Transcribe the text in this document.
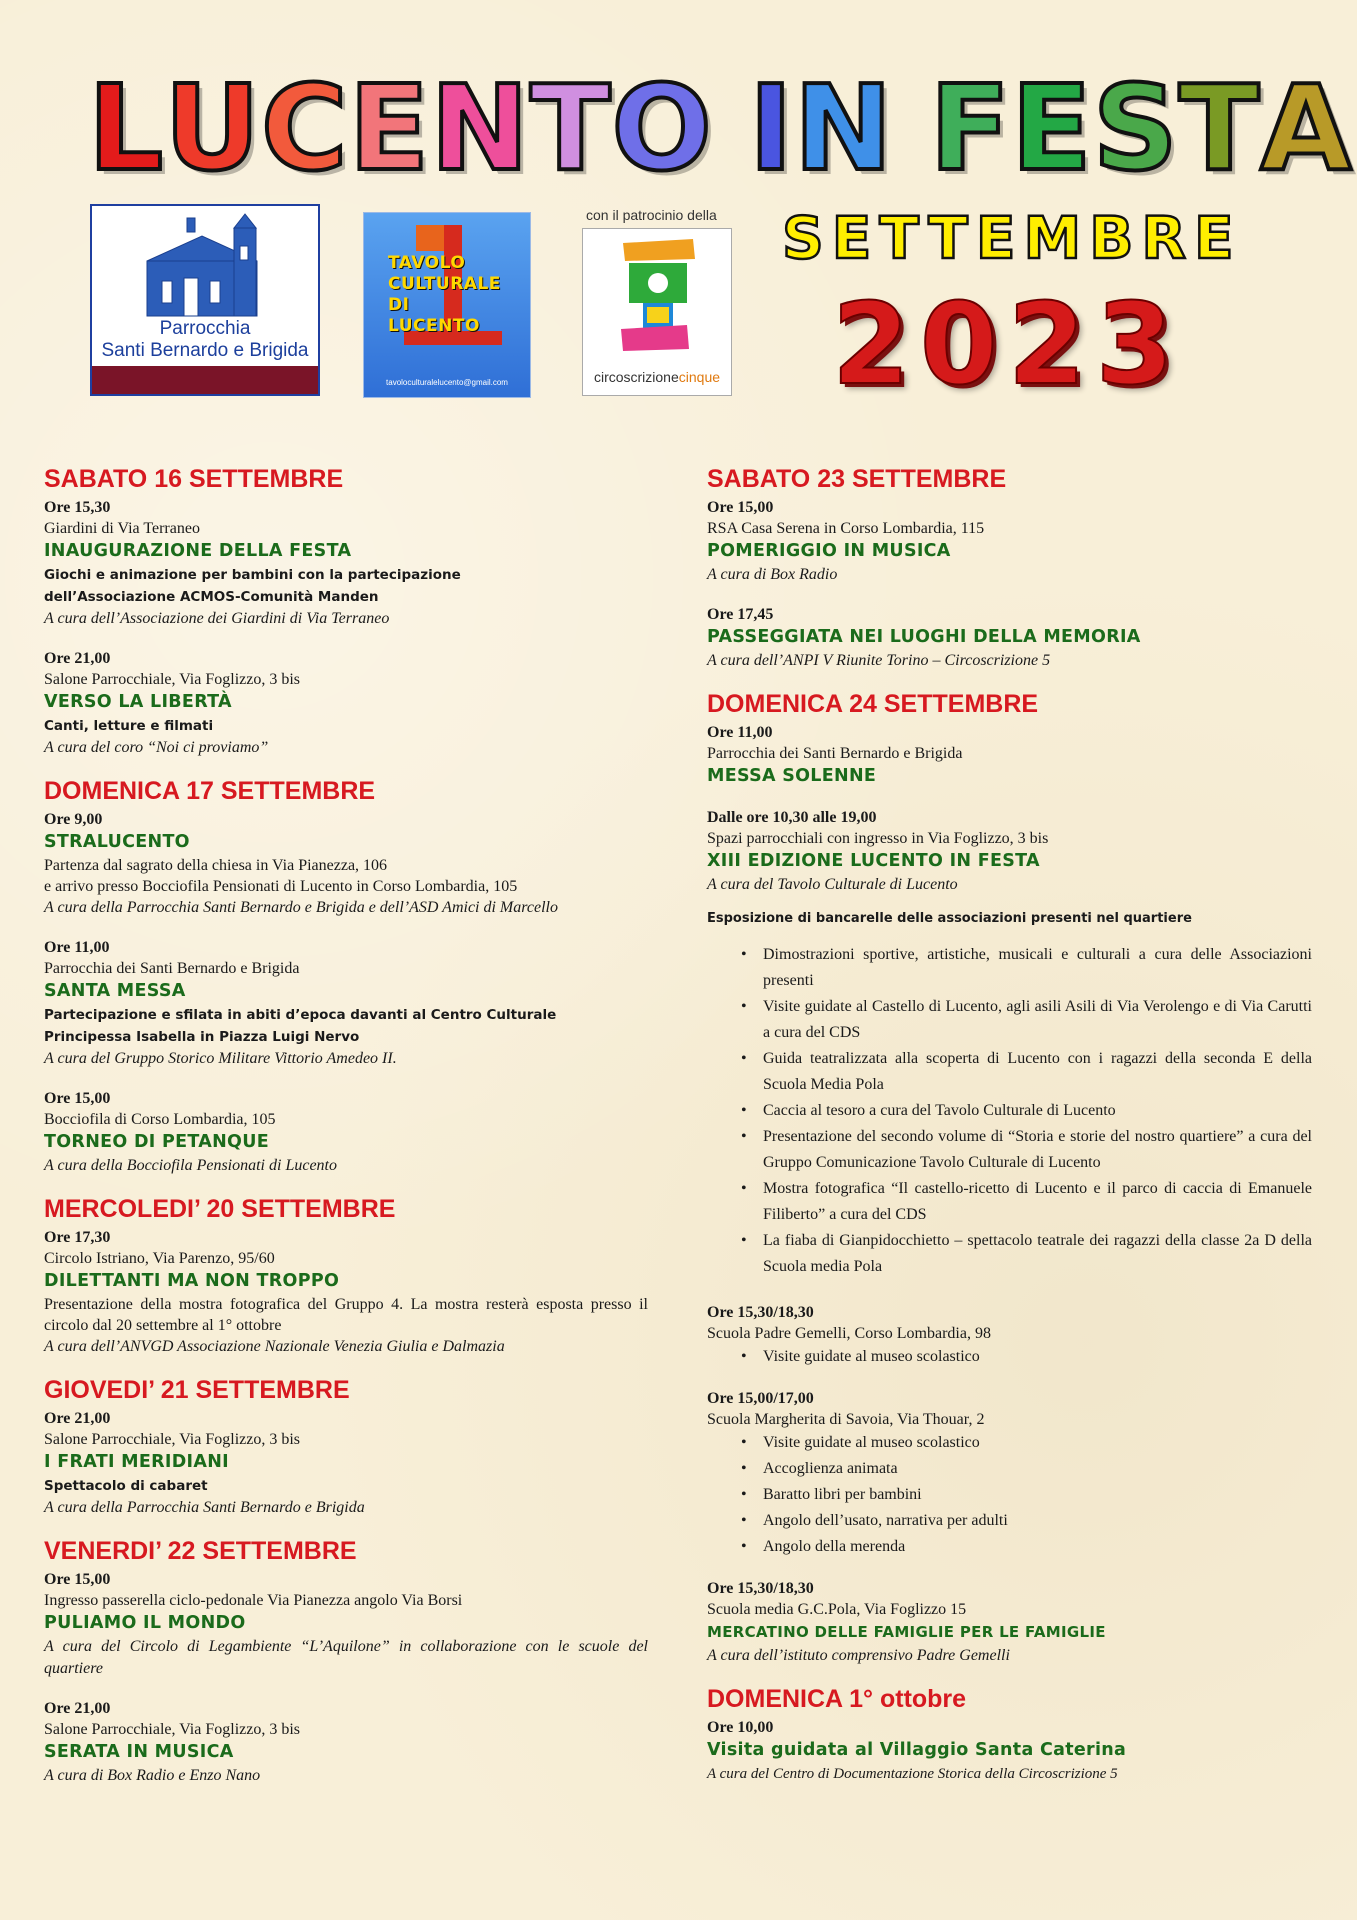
LUCENTO IN FESTA
Parrocchia
Santi Bernardo e Brigida
TAVOLO
CULTURALE
DI
LUCENTO
tavoloculturalelucento@gmail.com
con il patrocinio della
circoscrizionecinque
SETTEMBRE
2023
SABATO 16 SETTEMBRE
Ore 15,30
Giardini di Via Terraneo
INAUGURAZIONE DELLA FESTA
Giochi e animazione per bambini con la partecipazione
dell’Associazione ACMOS-Comunità Manden
A cura dell’Associazione dei Giardini di Via Terraneo
Ore 21,00
Salone Parrocchiale, Via Foglizzo, 3 bis
VERSO LA LIBERTÀ
Canti, letture e filmati
A cura del coro “Noi ci proviamo”
DOMENICA 17 SETTEMBRE
Ore 9,00
STRALUCENTO
Partenza dal sagrato della chiesa in Via Pianezza, 106
e arrivo presso Bocciofila Pensionati di Lucento in Corso Lombardia, 105
A cura della Parrocchia Santi Bernardo e Brigida e dell’ASD Amici di Marcello
Ore 11,00
Parrocchia dei Santi Bernardo e Brigida
SANTA MESSA
Partecipazione e sfilata in abiti d’epoca davanti al Centro Culturale
Principessa Isabella in Piazza Luigi Nervo
A cura del Gruppo Storico Militare Vittorio Amedeo II.
Ore 15,00
Bocciofila di Corso Lombardia, 105
TORNEO DI PETANQUE
A cura della Bocciofila Pensionati di Lucento
MERCOLEDI’ 20 SETTEMBRE
Ore 17,30
Circolo Istriano, Via Parenzo, 95/60
DILETTANTI MA NON TROPPO
Presentazione della mostra fotografica del Gruppo 4. La mostra resterà esposta presso il circolo dal 20 settembre al 1° ottobre
A cura dell’ANVGD Associazione Nazionale Venezia Giulia e Dalmazia
GIOVEDI’ 21 SETTEMBRE
Ore 21,00
Salone Parrocchiale, Via Foglizzo, 3 bis
I FRATI MERIDIANI
Spettacolo di cabaret
A cura della Parrocchia Santi Bernardo e Brigida
VENERDI’ 22 SETTEMBRE
Ore 15,00
Ingresso passerella ciclo-pedonale Via Pianezza angolo Via Borsi
PULIAMO IL MONDO
A cura del Circolo di Legambiente “L’Aquilone” in collaborazione con le scuole del quartiere
Ore 21,00
Salone Parrocchiale, Via Foglizzo, 3 bis
SERATA IN MUSICA
A cura di Box Radio e Enzo Nano
SABATO 23 SETTEMBRE
Ore 15,00
RSA Casa Serena in Corso Lombardia, 115
POMERIGGIO IN MUSICA
A cura di Box Radio
Ore 17,45
PASSEGGIATA NEI LUOGHI DELLA MEMORIA
A cura dell’ANPI V Riunite Torino – Circoscrizione 5
DOMENICA 24 SETTEMBRE
Ore 11,00
Parrocchia dei Santi Bernardo e Brigida
MESSA SOLENNE
Dalle ore 10,30 alle 19,00
Spazi parrocchiali con ingresso in Via Foglizzo, 3 bis
XIII EDIZIONE LUCENTO IN FESTA
A cura del Tavolo Culturale di Lucento
Esposizione di bancarelle delle associazioni presenti nel quartiere
• Dimostrazioni sportive, artistiche, musicali e culturali a cura delle Associazioni presenti
• Visite guidate al Castello di Lucento, agli asili Asili di Via Verolengo e di Via Carutti a cura del CDS
• Guida teatralizzata alla scoperta di Lucento con i ragazzi della seconda E della Scuola Media Pola
• Caccia al tesoro a cura del Tavolo Culturale di Lucento
• Presentazione del secondo volume di “Storia e storie del nostro quartiere” a cura del Gruppo Comunicazione Tavolo Culturale di Lucento
• Mostra fotografica “Il castello-ricetto di Lucento e il parco di caccia di Emanuele Filiberto” a cura del CDS
• La fiaba di Gianpidocchietto – spettacolo teatrale dei ragazzi della classe 2a D della Scuola media Pola
Ore 15,30/18,30
Scuola Padre Gemelli, Corso Lombardia, 98
• Visite guidate al museo scolastico
Ore 15,00/17,00
Scuola Margherita di Savoia, Via Thouar, 2
• Visite guidate al museo scolastico
• Accoglienza animata
• Baratto libri per bambini
• Angolo dell’usato, narrativa per adulti
• Angolo della merenda
Ore 15,30/18,30
Scuola media G.C.Pola, Via Foglizzo 15
MERCATINO DELLE FAMIGLIE PER LE FAMIGLIE
A cura dell’istituto comprensivo Padre Gemelli
DOMENICA 1° ottobre
Ore 10,00
Visita guidata al Villaggio Santa Caterina
A cura del Centro di Documentazione Storica della Circoscrizione 5
